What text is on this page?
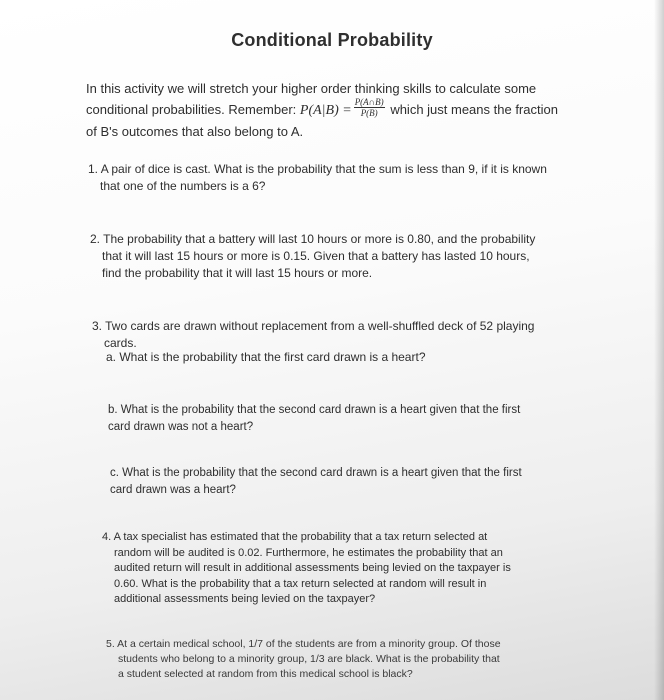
Conditional Probability
In this activity we will stretch your higher order thinking skills to calculate some
conditional probabilities. Remember: $P(A|B) = \frac{P(A\cap B)}{P(B)}$ which just means the fraction
of B's outcomes that also belong to A.
1. A pair of dice is cast. What is the probability that the sum is less than 9, if it is known
that one of the numbers is a 6?
2. The probability that a battery will last 10 hours or more is 0.80, and the probability
that it will last 15 hours or more is 0.15. Given that a battery has lasted 10 hours,
find the probability that it will last 15 hours or more.
3. Two cards are drawn without replacement from a well-shuffled deck of 52 playing
cards.
a. What is the probability that the first card drawn is a heart?
b. What is the probability that the second card drawn is a heart given that the first
card drawn was not a heart?
c. What is the probability that the second card drawn is a heart given that the first
card drawn was a heart?
4. A tax specialist has estimated that the probability that a tax return selected at
random will be audited is 0.02. Furthermore, he estimates the probability that an
audited return will result in additional assessments being levied on the taxpayer is
0.60. What is the probability that a tax return selected at random will result in
additional assessments being levied on the taxpayer?
5. At a certain medical school, 1/7 of the students are from a minority group. Of those
students who belong to a minority group, 1/3 are black. What is the probability that
a student selected at random from this medical school is black?
